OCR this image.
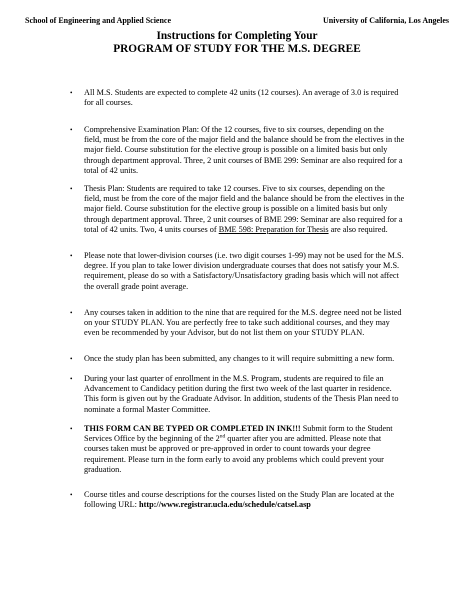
School of Engineering and Applied Science	University of California, Los Angeles
Instructions for Completing Your
PROGRAM OF STUDY FOR THE M.S. DEGREE
• All M.S. Students are expected to complete 42 units (12 courses). An average of 3.0 is required
for all courses.
• Comprehensive Examination Plan: Of the 12 courses, five to six courses, depending on the
field, must be from the core of the major field and the balance should be from the electives in the
major field. Course substitution for the elective group is possible on a limited basis but only
through department approval. Three, 2 unit courses of BME 299: Seminar are also required for a
total of 42 units.
• Thesis Plan: Students are required to take 12 courses. Five to six courses, depending on the
field, must be from the core of the major field and the balance should be from the electives in the
major field. Course substitution for the elective group is possible on a limited basis but only
through department approval. Three, 2 unit courses of BME 299: Seminar are also required for a
total of 42 units. Two, 4 units courses of BME 598: Preparation for Thesis are also required.
• Please note that lower-division courses (i.e. two digit courses 1-99) may not be used for the M.S.
degree. If you plan to take lower division undergraduate courses that does not satisfy your M.S.
requirement, please do so with a Satisfactory/Unsatisfactory grading basis which will not affect
the overall grade point average.
• Any courses taken in addition to the nine that are required for the M.S. degree need not be listed
on your STUDY PLAN. You are perfectly free to take such additional courses, and they may
even be recommended by your Advisor, but do not list them on your STUDY PLAN.
• Once the study plan has been submitted, any changes to it will require submitting a new form.
• During your last quarter of enrollment in the M.S. Program, students are required to file an
Advancement to Candidacy petition during the first two week of the last quarter in residence.
This form is given out by the Graduate Advisor. In addition, students of the Thesis Plan need to
nominate a formal Master Committee.
• THIS FORM CAN BE TYPED OR COMPLETED IN INK!!! Submit form to the Student
Services Office by the beginning of the 2nd quarter after you are admitted. Please note that
courses taken must be approved or pre-approved in order to count towards your degree
requirement. Please turn in the form early to avoid any problems which could prevent your
graduation.
• Course titles and course descriptions for the courses listed on the Study Plan are located at the
following URL: http://www.registrar.ucla.edu/schedule/catsel.asp
